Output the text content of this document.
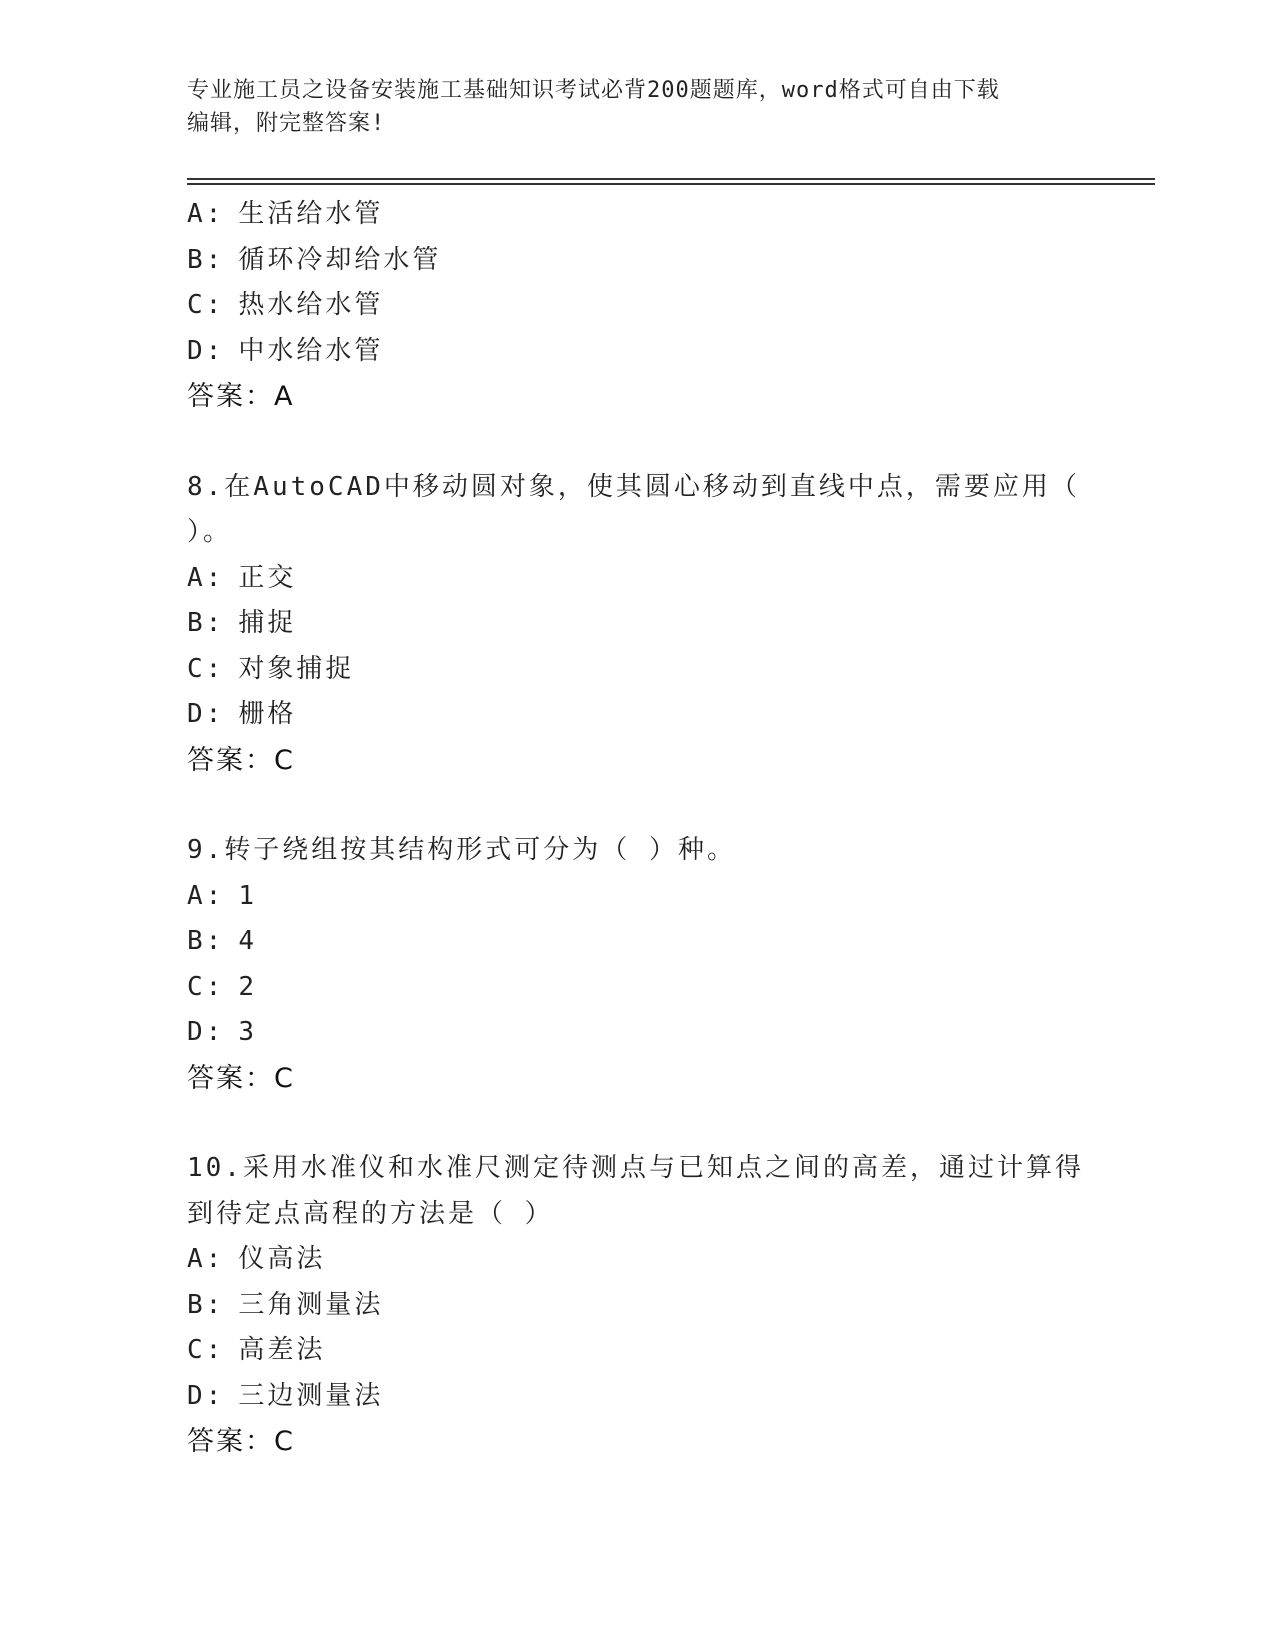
专业施工员之设备安装施工基础知识考试必背200题题库，word格式可自由下载
编辑，附完整答案!
A: 生活给水管
B: 循环冷却给水管
C: 热水给水管
D: 中水给水管
答案：A
8.在AutoCAD中移动圆对象，使其圆心移动到直线中点，需要应用（
）。
A: 正交
B: 捕捉
C: 对象捕捉
D: 栅格
答案：C
9.转子绕组按其结构形式可分为（ ）种。
A: 1
B: 4
C: 2
D: 3
答案：C
10.采用水准仪和水准尺测定待测点与已知点之间的高差，通过计算得
到待定点高程的方法是（ ）
A: 仪高法
B: 三角测量法
C: 高差法
D: 三边测量法
答案：C
